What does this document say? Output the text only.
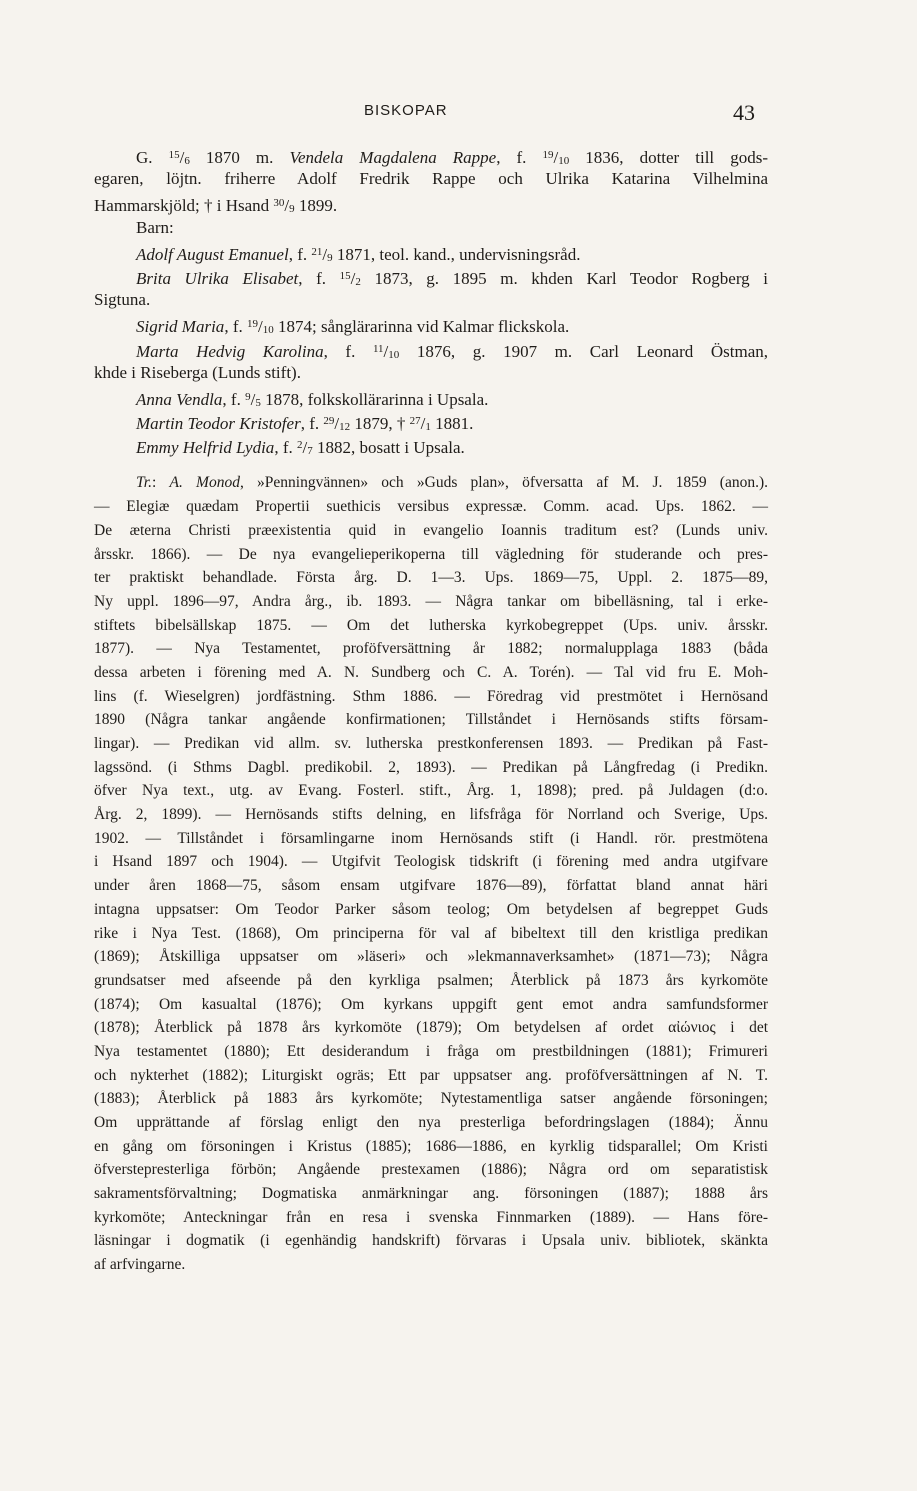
BISKOPAR	43
G. $^{15}$/6 1870 m. Vendela Magdalena Rappe, f. $^{19}$/10 1836, dotter till gods-
egaren, löjtn. friherre Adolf Fredrik Rappe och Ulrika Katarina Vilhelmina
Hammarskjöld; † i Hsand $^{30}$/9 1899.
Barn:
Adolf August Emanuel, f. $^{21}$/9 1871, teol. kand., undervisningsråd.
Brita Ulrika Elisabet, f. $^{15}$/2 1873, g. 1895 m. khden Karl Teodor Rogberg i
Sigtuna.
Sigrid Maria, f. $^{19}$/10 1874; sånglärarinna vid Kalmar flickskola.
Marta Hedvig Karolina, f. $^{11}$/10 1876, g. 1907 m. Carl Leonard Östman,
khde i Riseberga (Lunds stift).
Anna Vendla, f. $^9$/5 1878, folkskollärarinna i Upsala.
Martin Teodor Kristofer, f. $^{29}$/12 1879, † $^{27}$/1 1881.
Emmy Helfrid Lydia, f. $^2$/7 1882, bosatt i Upsala.
Tr.: A. Monod, »Penningvännen» och »Guds plan», öfversatta af M. J. 1859 (anon.).
— Elegiæ quædam Propertii suethicis versibus expressæ. Comm. acad. Ups. 1862. —
De æterna Christi præexistentia quid in evangelio Ioannis traditum est? (Lunds univ.
årsskr. 1866). — De nya evangelieperikoperna till vägledning för studerande och pres-
ter praktiskt behandlade. Första årg. D. 1—3. Ups. 1869—75, Uppl. 2. 1875—89,
Ny uppl. 1896—97, Andra årg., ib. 1893. — Några tankar om bibelläsning, tal i erke-
stiftets bibelsällskap 1875. — Om det lutherska kyrkobegreppet (Ups. univ. årsskr.
1877). — Nya Testamentet, proföfversättning år 1882; normalupplaga 1883 (båda
dessa arbeten i förening med A. N. Sundberg och C. A. Torén). — Tal vid fru E. Moh-
lins (f. Wieselgren) jordfästning. Sthm 1886. — Föredrag vid prestmötet i Hernösand
1890 (Några tankar angående konfirmationen; Tillståndet i Hernösands stifts försam-
lingar). — Predikan vid allm. sv. lutherska prestkonferensen 1893. — Predikan på Fast-
lagssönd. (i Sthms Dagbl. predikobil. 2, 1893). — Predikan på Långfredag (i Predikn.
öfver Nya text., utg. av Evang. Fosterl. stift., Årg. 1, 1898); pred. på Juldagen (d:o.
Årg. 2, 1899). — Hernösands stifts delning, en lifsfråga för Norrland och Sverige, Ups.
1902. — Tillståndet i församlingarne inom Hernösands stift (i Handl. rör. prestmötena
i Hsand 1897 och 1904). — Utgifvit Teologisk tidskrift (i förening med andra utgifvare
under åren 1868—75, såsom ensam utgifvare 1876—89), författat bland annat häri
intagna uppsatser: Om Teodor Parker såsom teolog; Om betydelsen af begreppet Guds
rike i Nya Test. (1868), Om principerna för val af bibeltext till den kristliga predikan
(1869); Åtskilliga uppsatser om »läseri» och »lekmannaverksamhet» (1871—73); Några
grundsatser med afseende på den kyrkliga psalmen; Återblick på 1873 års kyrkomöte
(1874); Om kasualtal (1876); Om kyrkans uppgift gent emot andra samfundsformer
(1878); Återblick på 1878 års kyrkomöte (1879); Om betydelsen af ordet αἰώνιος i det
Nya testamentet (1880); Ett desiderandum i fråga om prestbildningen (1881); Frimureri
och nykterhet (1882); Liturgiskt ogräs; Ett par uppsatser ang. proföfversättningen af N. T.
(1883); Återblick på 1883 års kyrkomöte; Nytestamentliga satser angående försoningen;
Om upprättande af förslag enligt den nya presterliga befordringslagen (1884); Ännu
en gång om försoningen i Kristus (1885); 1686—1886, en kyrklig tidsparallel; Om Kristi
öfverstepresterliga förbön; Angående prestexamen (1886); Några ord om separatistisk
sakramentsförvaltning; Dogmatiska anmärkningar ang. försoningen (1887); 1888 års
kyrkomöte; Anteckningar från en resa i svenska Finnmarken (1889). — Hans före-
läsningar i dogmatik (i egenhändig handskrift) förvaras i Upsala univ. bibliotek, skänkta
af arfvingarne.
